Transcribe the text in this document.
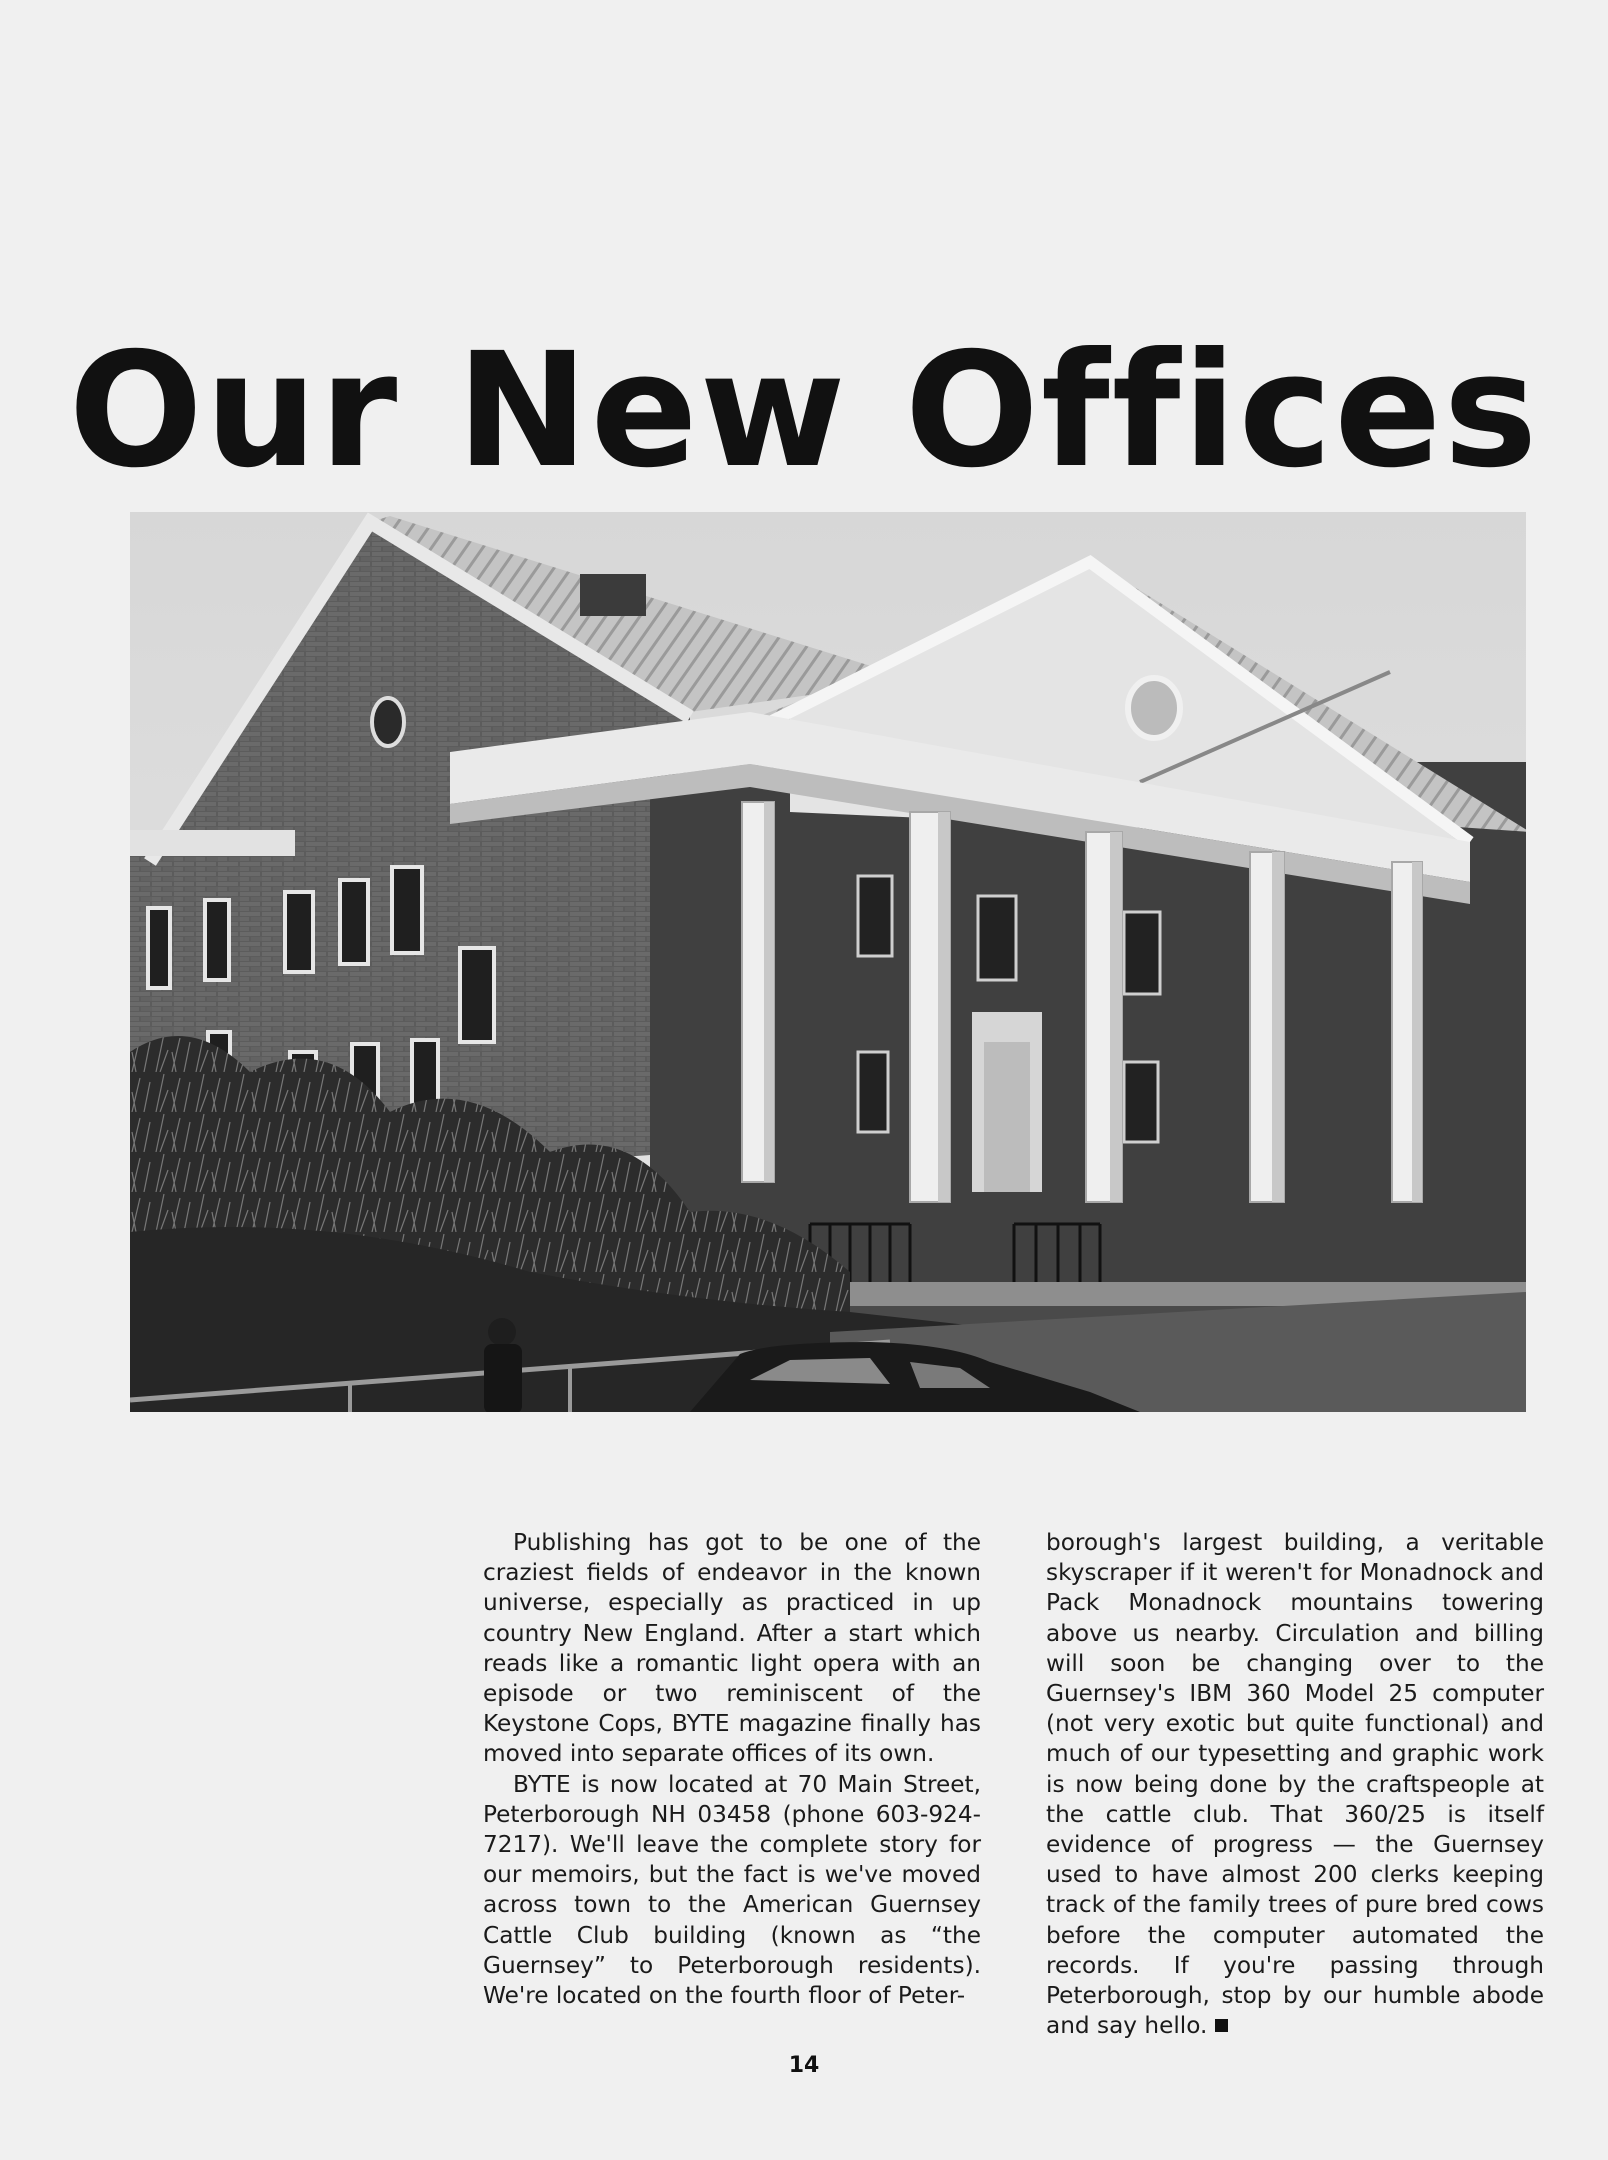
Our New Offices

Publishing has got to be one of the craziest fields of endeavor in the known universe, especially as practiced in up country New England. After a start which reads like a romantic light opera with an episode or two reminiscent of the Keystone Cops, BYTE magazine finally has moved into separate offices of its own.

BYTE is now located at 70 Main Street, Peterborough NH 03458 (phone 603-924-7217). We'll leave the complete story for our memoirs, but the fact is we've moved across town to the American Guernsey Cattle Club building (known as “the Guernsey” to Peterborough residents). We're located on the fourth floor of Peter-

borough's largest building, a veritable skyscraper if it weren't for Monadnock and Pack Monadnock mountains towering above us nearby. Circulation and billing will soon be changing over to the Guernsey's IBM 360 Model 25 computer (not very exotic but quite functional) and much of our typesetting and graphic work is now being done by the craftspeople at the cattle club. That 360/25 is itself evidence of progress — the Guernsey used to have almost 200 clerks keeping track of the family trees of pure bred cows before the computer automated the records. If you're passing through Peterborough, stop by our humble abode and say hello.

14
